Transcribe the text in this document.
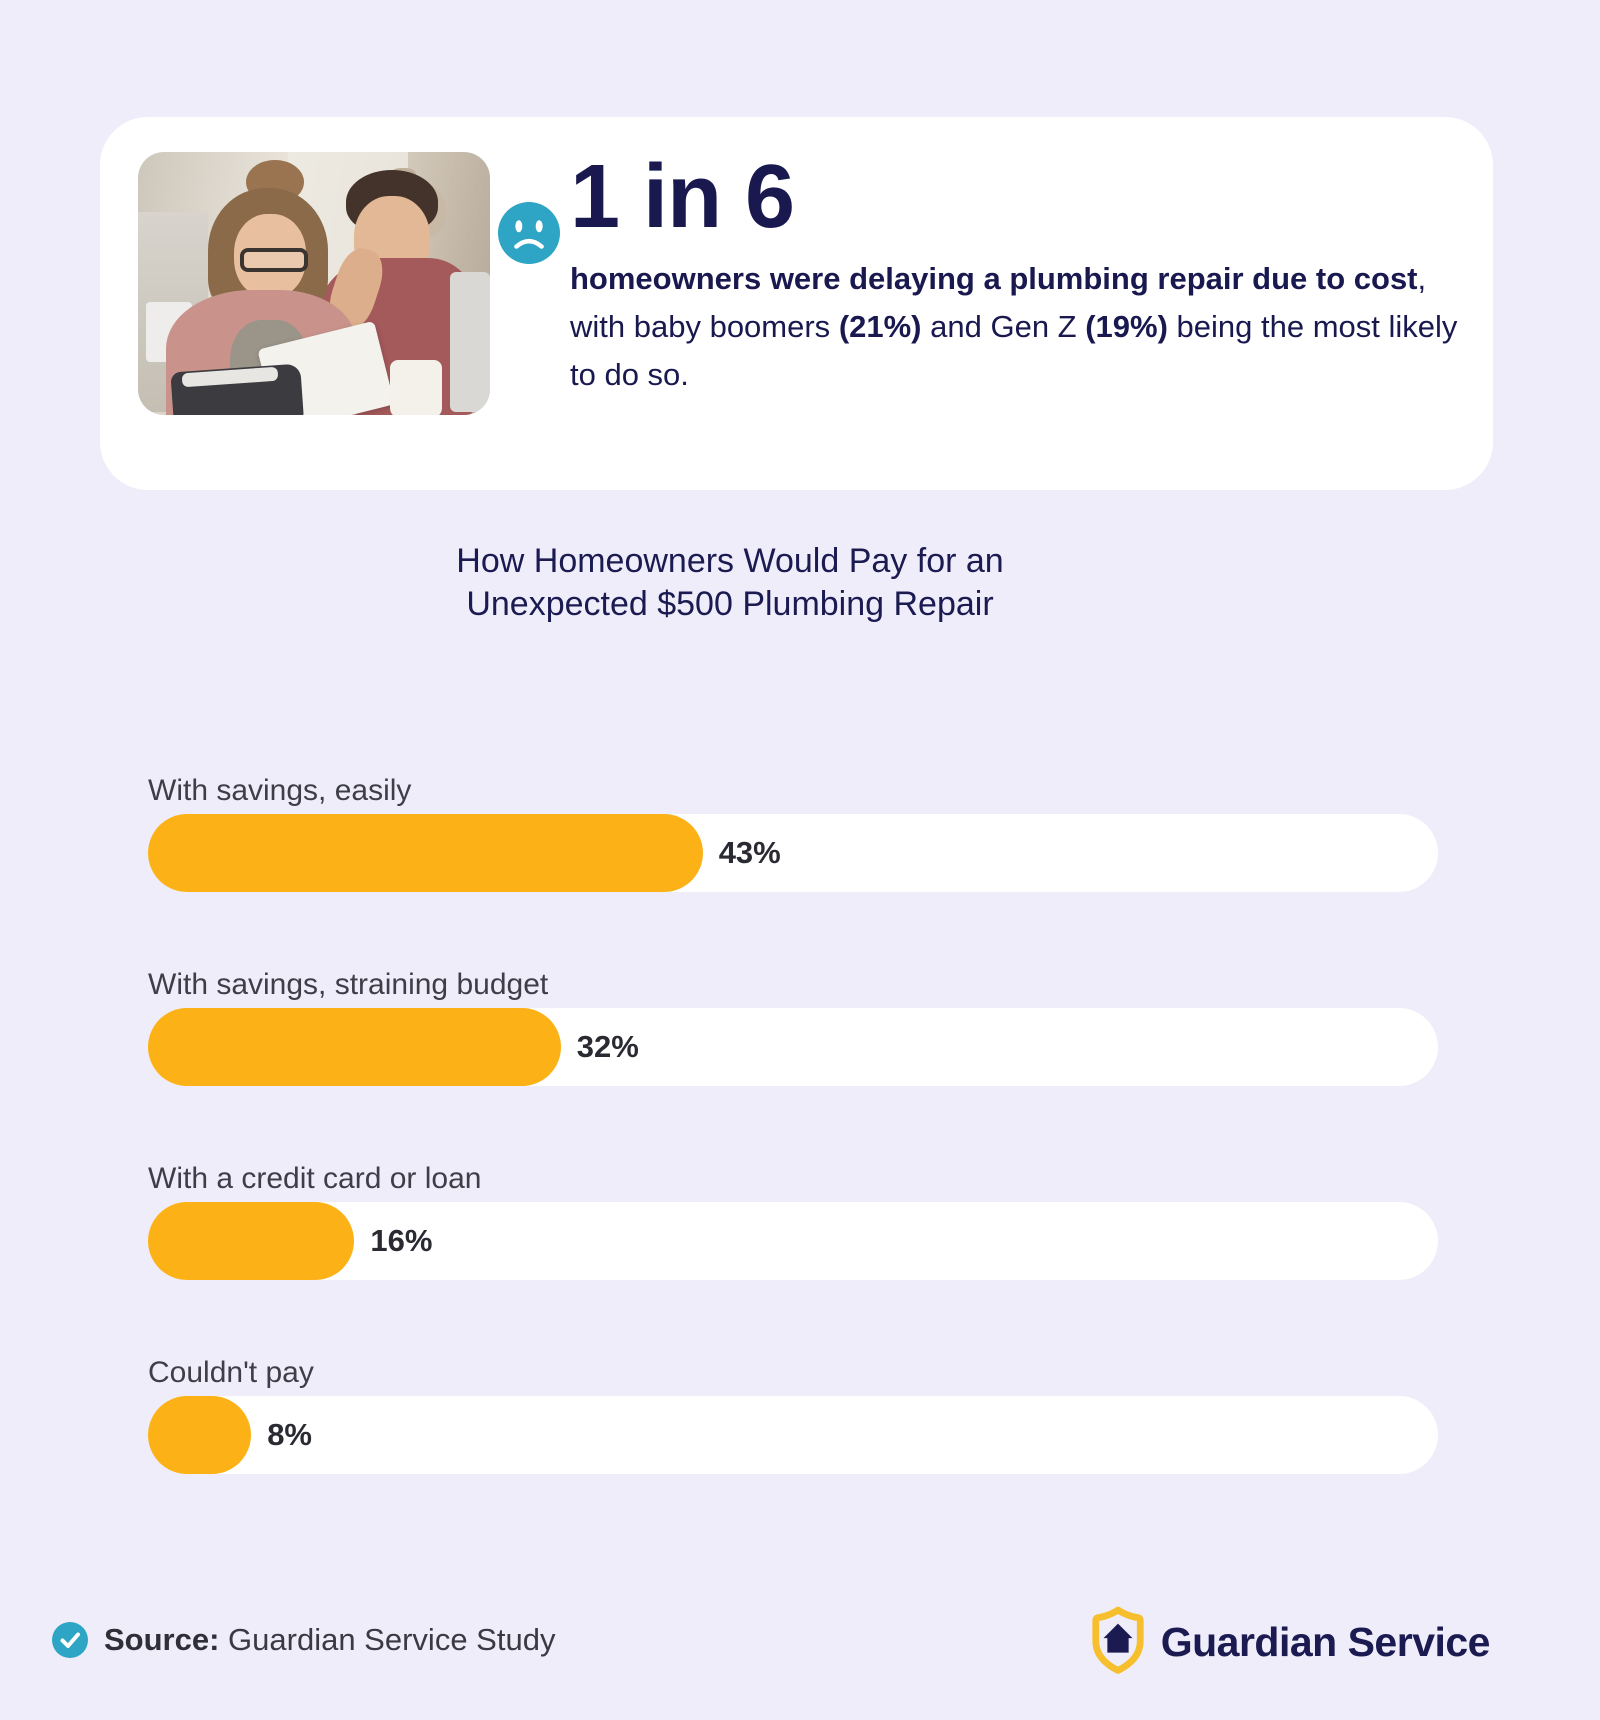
1 in 6

homeowners were delaying a plumbing repair due to cost, with baby boomers (21%) and Gen Z (19%) being the most likely to do so.

How Homeowners Would Pay for an
Unexpected $500 Plumbing Repair
With savings, easily
43%
With savings, straining budget
32%
With a credit card or loan
16%
Couldn't pay
8%
Source: Guardian Service Study	Guardian Service
